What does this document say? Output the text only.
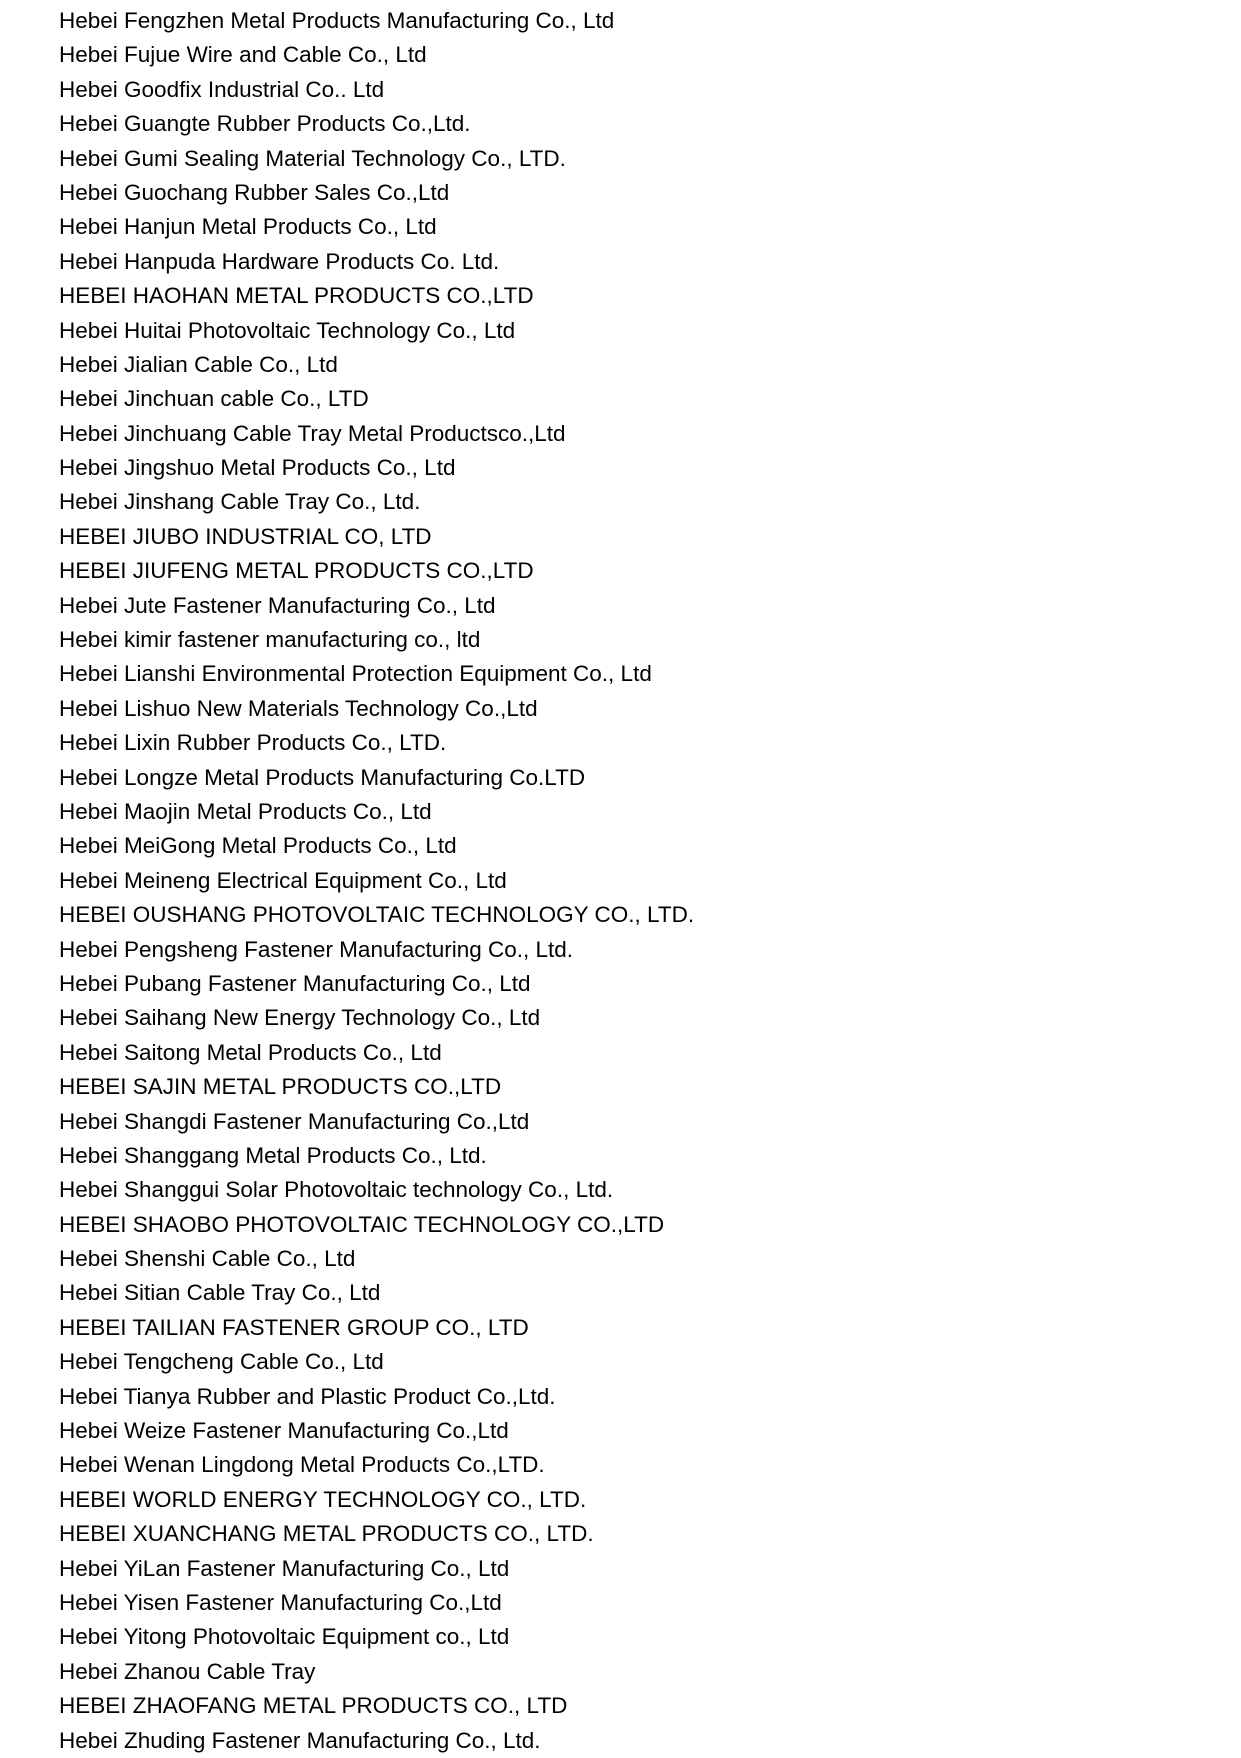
Hebei Fengzhen Metal Products Manufacturing Co., Ltd
Hebei Fujue Wire and Cable Co., Ltd
Hebei Goodfix Industrial Co.. Ltd
Hebei Guangte Rubber Products Co.,Ltd.
Hebei Gumi Sealing Material Technology Co., LTD.
Hebei Guochang Rubber Sales Co.,Ltd
Hebei Hanjun Metal Products Co., Ltd
Hebei Hanpuda Hardware Products Co. Ltd.
HEBEI HAOHAN METAL PRODUCTS CO.,LTD
Hebei Huitai Photovoltaic Technology Co., Ltd
Hebei Jialian Cable Co., Ltd
Hebei Jinchuan cable Co., LTD
Hebei Jinchuang Cable Tray Metal Productsco.,Ltd
Hebei Jingshuo Metal Products Co., Ltd
Hebei Jinshang Cable Tray Co., Ltd.
HEBEI JIUBO INDUSTRIAL CO, LTD
HEBEI JIUFENG METAL PRODUCTS CO.,LTD
Hebei Jute Fastener Manufacturing Co., Ltd
Hebei kimir fastener manufacturing co., ltd
Hebei Lianshi Environmental Protection Equipment Co., Ltd
Hebei Lishuo New Materials Technology Co.,Ltd
Hebei Lixin Rubber Products Co., LTD.
Hebei Longze Metal Products Manufacturing Co.LTD
Hebei Maojin Metal Products Co., Ltd
Hebei MeiGong Metal Products Co., Ltd
Hebei Meineng Electrical Equipment Co., Ltd
HEBEI OUSHANG PHOTOVOLTAIC TECHNOLOGY CO., LTD.
Hebei Pengsheng Fastener Manufacturing Co., Ltd.
Hebei Pubang Fastener Manufacturing Co., Ltd
Hebei Saihang New Energy Technology Co., Ltd
Hebei Saitong Metal Products Co., Ltd
HEBEI SAJIN METAL PRODUCTS CO.,LTD
Hebei Shangdi Fastener Manufacturing Co.,Ltd
Hebei Shanggang Metal Products Co., Ltd.
Hebei Shanggui Solar Photovoltaic technology Co., Ltd.
HEBEI SHAOBO PHOTOVOLTAIC TECHNOLOGY CO.,LTD
Hebei Shenshi Cable Co., Ltd
Hebei Sitian Cable Tray Co., Ltd
HEBEI TAILIAN FASTENER GROUP CO., LTD
Hebei Tengcheng Cable Co., Ltd
Hebei Tianya Rubber and Plastic Product Co.,Ltd.
Hebei Weize Fastener Manufacturing Co.,Ltd
Hebei Wenan Lingdong Metal Products Co.,LTD.
HEBEI WORLD ENERGY TECHNOLOGY CO., LTD.
HEBEI XUANCHANG METAL PRODUCTS CO., LTD.
Hebei YiLan Fastener Manufacturing Co., Ltd
Hebei Yisen Fastener Manufacturing Co.,Ltd
Hebei Yitong Photovoltaic Equipment co., Ltd
Hebei Zhanou Cable Tray
HEBEI ZHAOFANG METAL PRODUCTS CO., LTD
Hebei Zhuding Fastener Manufacturing Co., Ltd.
